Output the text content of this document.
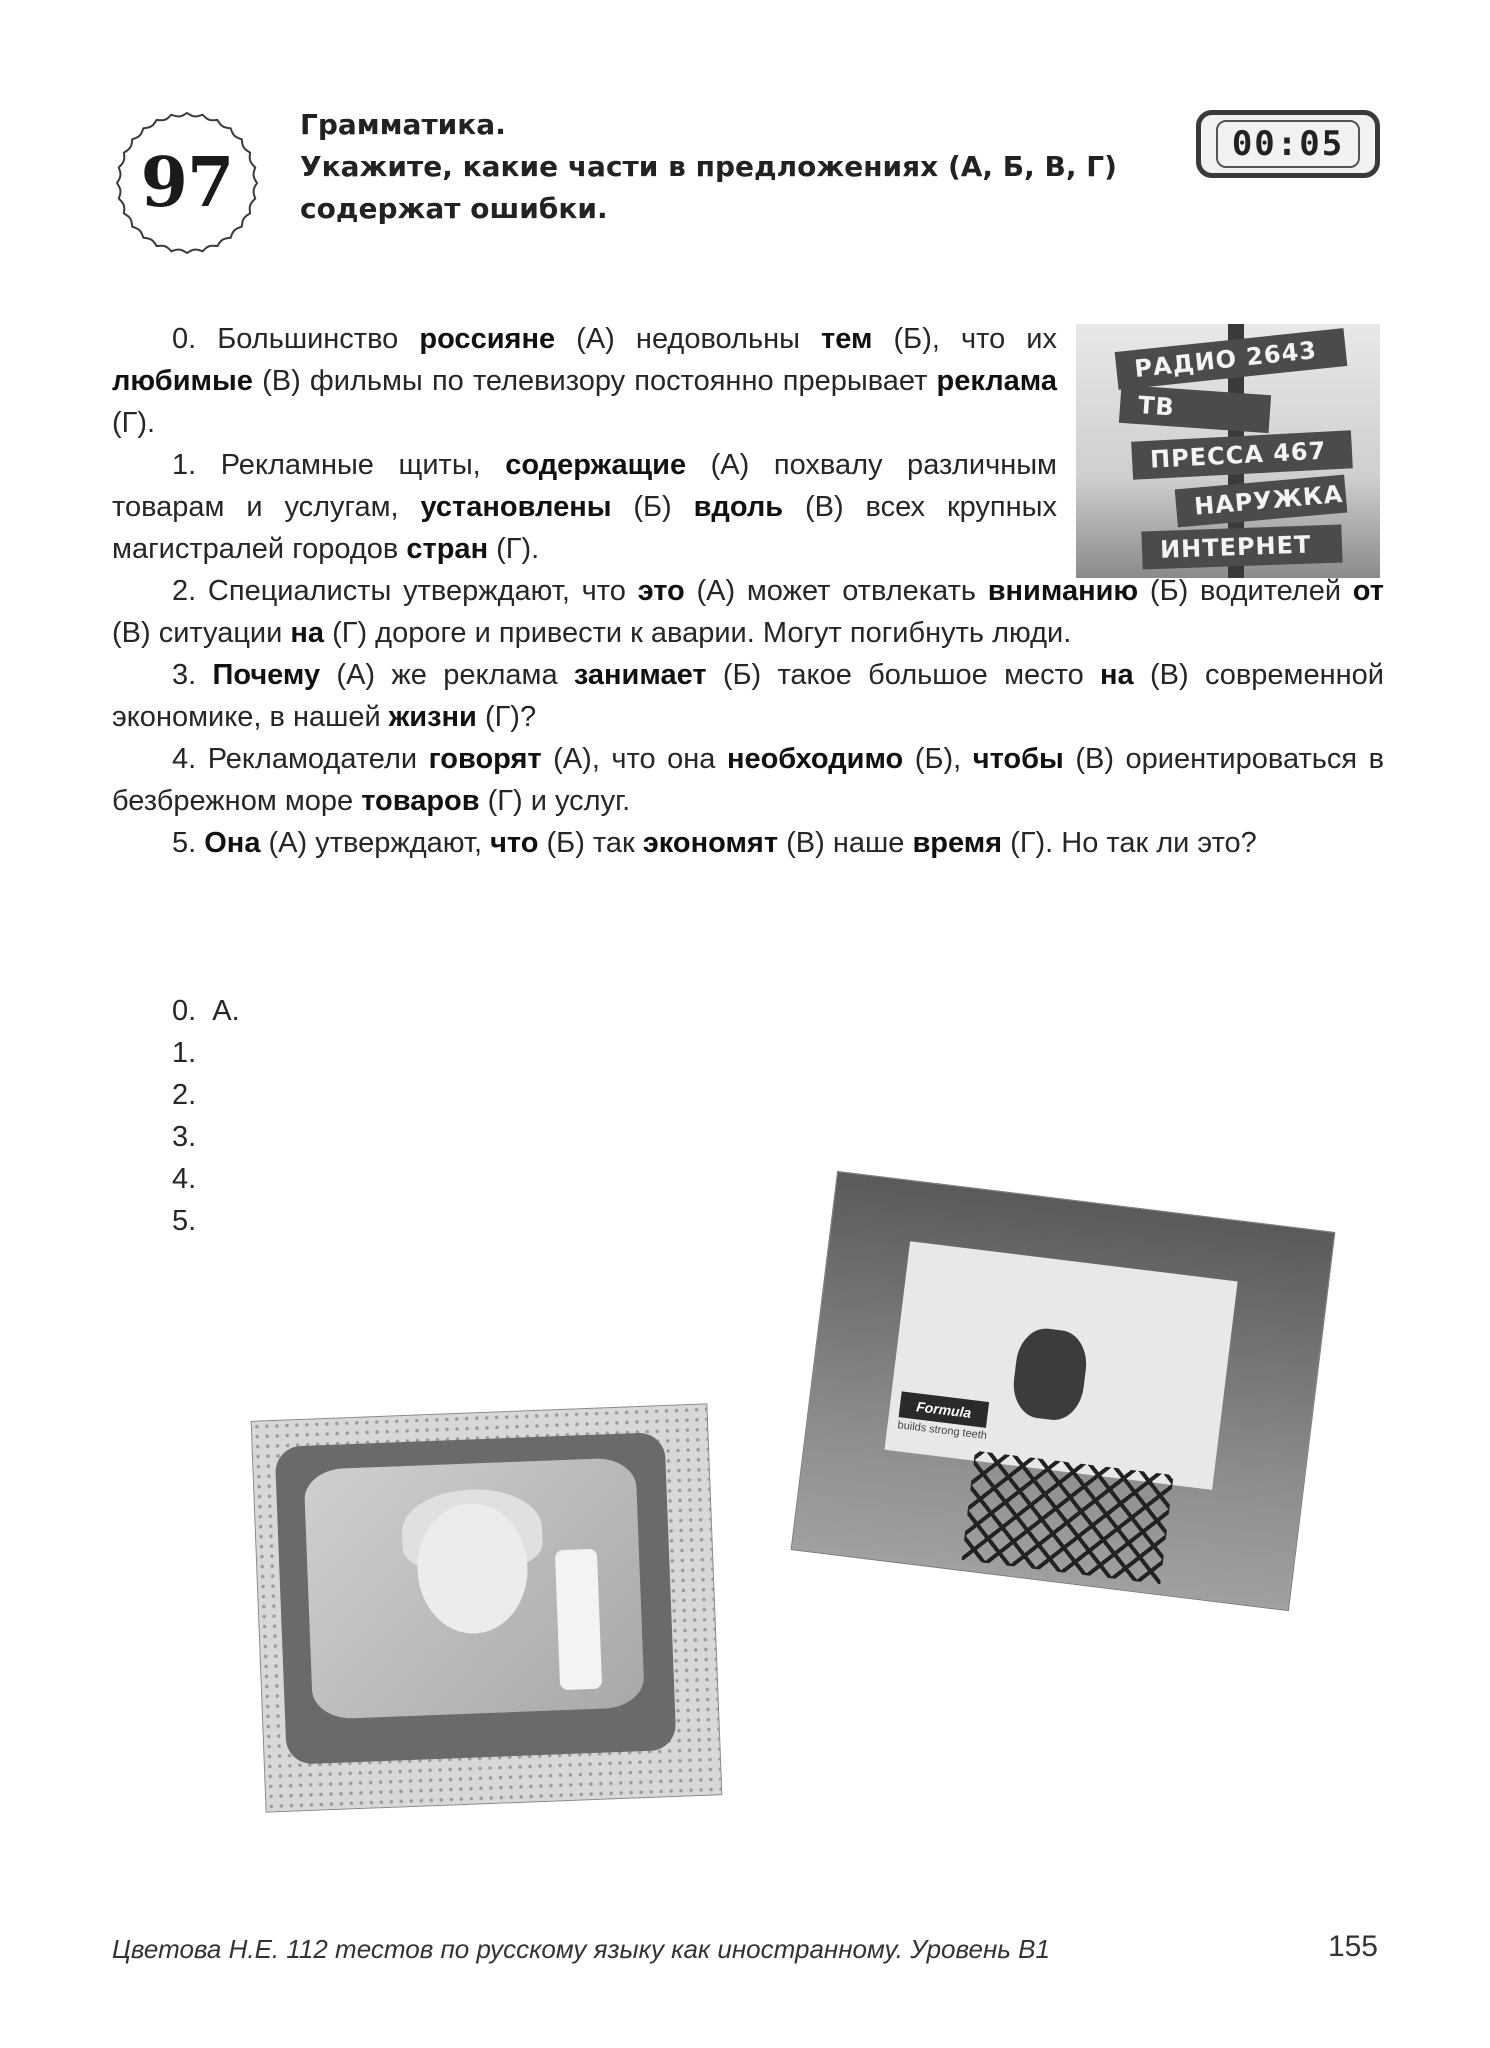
97
Грамматика.
Укажите, какие части в предложениях (А, Б, В, Г)
содержат ошибки.
00:05
РАДИО 2643
ТВ
ПРЕССА 467
НАРУЖКА
ИНТЕРНЕТ

0. Большинство россияне (А) недовольны тем (Б), что их любимые (В) фильмы по телевизору постоянно прерывает реклама (Г).

1. Рекламные щиты, содержащие (А) похвалу различным товарам и услугам, установлены (Б) вдоль (В) всех крупных магистралей городов стран (Г).

2. Специалисты утверждают, что это (А) может отвлекать вниманию (Б) водителей от (В) ситуации на (Г) дороге и привести к аварии. Могут погибнуть люди.

3. Почему (А) же реклама занимает (Б) такое большое место на (В) современной экономике, в нашей жизни (Г)?

4. Рекламодатели говорят (А), что она необходимо (Б), чтобы (В) ориентироваться в безбрежном море товаров (Г) и услуг.

5. Она (А) утверждают, что (Б) так экономят (В) наше время (Г). Но так ли это?

0.  А.
1.
2.
3.
4.
5.
Formula
builds strong teeth
Цветова Н.Е. 112 тестов по русскому языку как иностранному. Уровень В1	155
